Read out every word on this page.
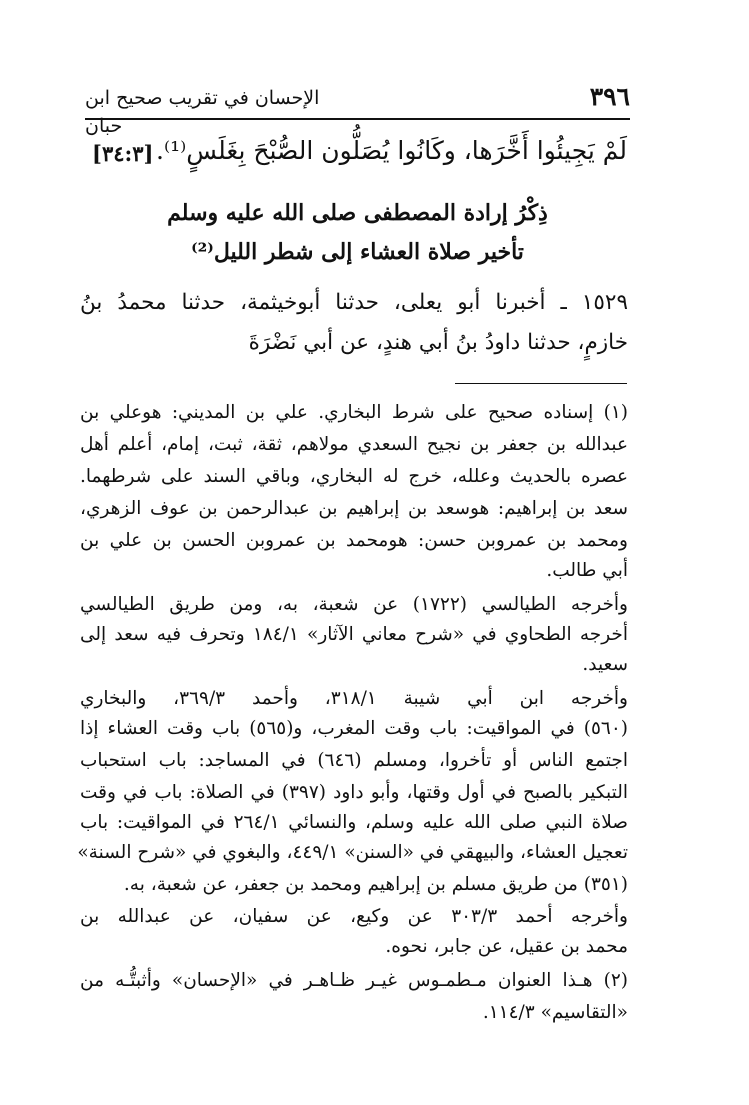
٣٩٦
الإحسان في تقريب صحيح ابن حبان
لَمْ يَجِيئُوا أَخَّرَها، وكَانُوا يُصَلُّون الصُّبْحَ بِغَلَسٍ⁽¹⁾.
[٣٤:٣]
ذِكْرُ إرادة المصطفى صلى الله عليه وسلم
تأخير صلاة العشاء إلى شطر الليل⁽²⁾
١٥٢٩ ـ أخبرنا أبو يعلى، حدثنا أبوخيثمة، حدثنا محمدُ بنُ
خازمٍ، حدثنا داودُ بنُ أبي هندٍ، عن أبي نَضْرَةَ
(١) إسناده صحيح على شرط البخاري. علي بن المديني: هوعلي بن
عبدالله بن جعفر بن نجيح السعدي مولاهم، ثقة، ثبت، إمام، أعلم أهل
عصره بالحديث وعلله، خرج له البخاري، وباقي السند على شرطهما.
سعد بن إبراهيم: هوسعد بن إبراهيم بن عبدالرحمن بن عوف الزهري،
ومحمد بن عمروبن حسن: هومحمد بن عمروبن الحسن بن علي بن
أبي طالب.
وأخرجه الطيالسي (١٧٢٢) عن شعبة، به، ومن طريق الطيالسي
أخرجه الطحاوي في «شرح معاني الآثار» ١٨٤/١ وتحرف فيه سعد إلى
سعيد.
وأخرجه ابن أبي شيبة ٣١٨/١، وأحمد ٣٦٩/٣، والبخاري
(٥٦٠) في المواقيت: باب وقت المغرب، و(٥٦٥) باب وقت العشاء إذا
اجتمع الناس أو تأخروا، ومسلم (٦٤٦) في المساجد: باب استحباب
التبكير بالصبح في أول وقتها، وأبو داود (٣٩٧) في الصلاة: باب في وقت
صلاة النبي صلى الله عليه وسلم، والنسائي ٢٦٤/١ في المواقيت: باب
تعجيل العشاء، والبيهقي في «السنن» ٤٤٩/١، والبغوي في «شرح السنة»
(٣٥١) من طريق مسلم بن إبراهيم ومحمد بن جعفر، عن شعبة، به.
وأخرجه أحمد ٣٠٣/٣ عن وكيع، عن سفيان، عن عبدالله بن
محمد بن عقيل، عن جابر، نحوه.
(٢) هـذا العنوان مـطمـوس غيـر ظـاهـر في «الإحسان» وأثبتُّـه من
«التقاسيم» ١١٤/٣.
